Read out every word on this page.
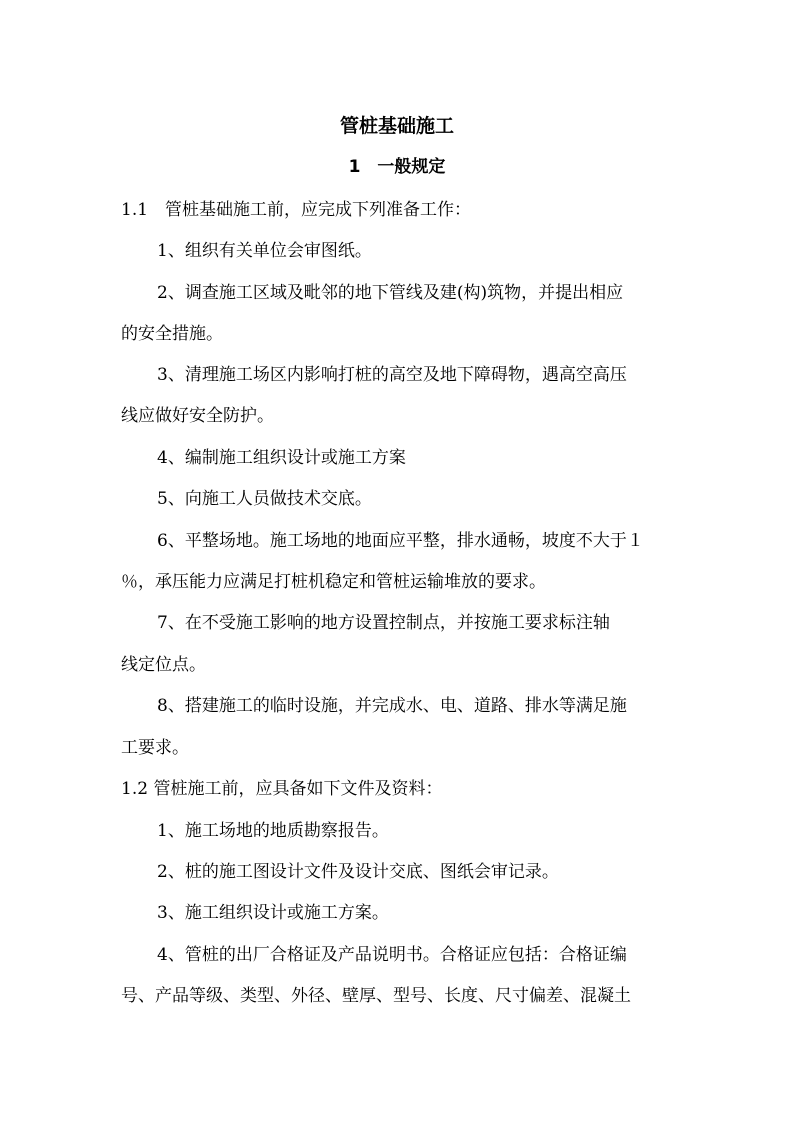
管桩基础施工
1　一般规定
1.1　管桩基础施工前，应完成下列准备工作：
1、组织有关单位会审图纸。
2、调查施工区域及毗邻的地下管线及建(构)筑物，并提出相应
的安全措施。
3、清理施工场区内影响打桩的高空及地下障碍物，遇高空高压
线应做好安全防护。
4、编制施工组织设计或施工方案
5、向施工人员做技术交底。
6、平整场地。施工场地的地面应平整，排水通畅，坡度不大于１
％，承压能力应满足打桩机稳定和管桩运输堆放的要求。
7、在不受施工影响的地方设置控制点，并按施工要求标注轴
线定位点。
8、搭建施工的临时设施，并完成水、电、道路、排水等满足施
工要求。
1.2 管桩施工前，应具备如下文件及资料：
1、施工场地的地质勘察报告。
2、桩的施工图设计文件及设计交底、图纸会审记录。
3、施工组织设计或施工方案。
4、管桩的出厂合格证及产品说明书。合格证应包括：合格证编
号、产品等级、类型、外径、壁厚、型号、长度、尺寸偏差、混凝土
